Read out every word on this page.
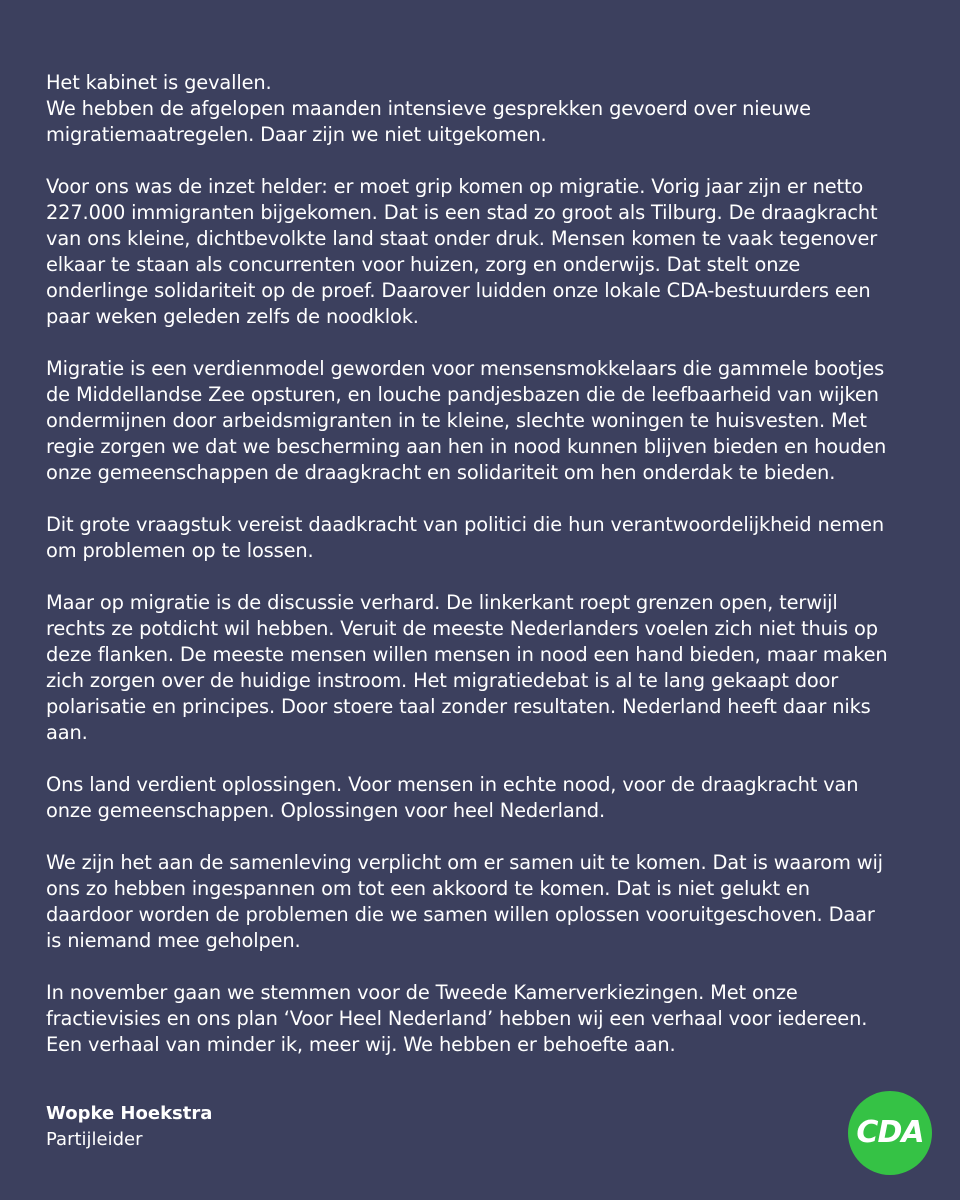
Het kabinet is gevallen.
We hebben de afgelopen maanden intensieve gesprekken gevoerd over nieuwe
migratiemaatregelen. Daar zijn we niet uitgekomen.

Voor ons was de inzet helder: er moet grip komen op migratie. Vorig jaar zijn er netto
227.000 immigranten bijgekomen. Dat is een stad zo groot als Tilburg. De draagkracht
van ons kleine, dichtbevolkte land staat onder druk. Mensen komen te vaak tegenover
elkaar te staan als concurrenten voor huizen, zorg en onderwijs. Dat stelt onze
onderlinge solidariteit op de proef. Daarover luidden onze lokale CDA-bestuurders een
paar weken geleden zelfs de noodklok.

Migratie is een verdienmodel geworden voor mensensmokkelaars die gammele bootjes
de Middellandse Zee opsturen, en louche pandjesbazen die de leefbaarheid van wijken
ondermijnen door arbeidsmigranten in te kleine, slechte woningen te huisvesten. Met
regie zorgen we dat we bescherming aan hen in nood kunnen blijven bieden en houden
onze gemeenschappen de draagkracht en solidariteit om hen onderdak te bieden.

Dit grote vraagstuk vereist daadkracht van politici die hun verantwoordelijkheid nemen
om problemen op te lossen.

Maar op migratie is de discussie verhard. De linkerkant roept grenzen open, terwijl
rechts ze potdicht wil hebben. Veruit de meeste Nederlanders voelen zich niet thuis op
deze flanken. De meeste mensen willen mensen in nood een hand bieden, maar maken
zich zorgen over de huidige instroom. Het migratiedebat is al te lang gekaapt door
polarisatie en principes. Door stoere taal zonder resultaten. Nederland heeft daar niks
aan.

Ons land verdient oplossingen. Voor mensen in echte nood, voor de draagkracht van
onze gemeenschappen. Oplossingen voor heel Nederland.

We zijn het aan de samenleving verplicht om er samen uit te komen. Dat is waarom wij
ons zo hebben ingespannen om tot een akkoord te komen. Dat is niet gelukt en
daardoor worden de problemen die we samen willen oplossen vooruitgeschoven. Daar
is niemand mee geholpen.

In november gaan we stemmen voor de Tweede Kamerverkiezingen. Met onze
fractievisies en ons plan ‘Voor Heel Nederland’ hebben wij een verhaal voor iedereen.
Een verhaal van minder ik, meer wij. We hebben er behoefte aan.

Wopke Hoekstra
Partijleider	CDA
